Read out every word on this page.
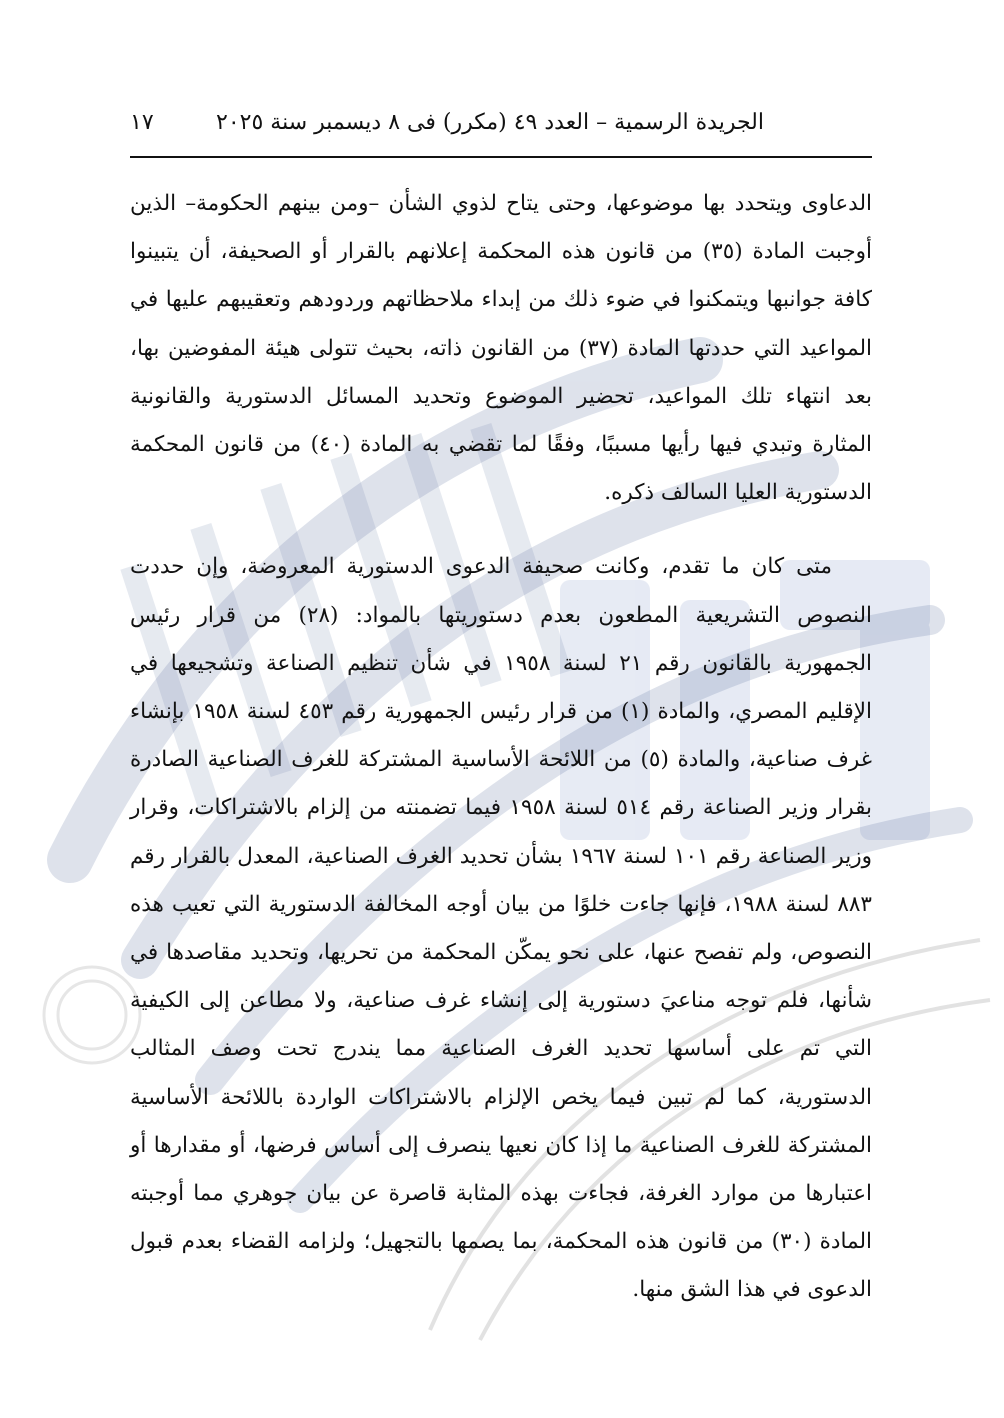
الجريدة الرسمية – العدد ٤٩ (مكرر) فى ٨ ديسمبر سنة ٢٠٢٥
١٧

الدعاوى ويتحدد بها موضوعها، وحتى يتاح لذوي الشأن –ومن بينهم الحكومة– الذين أوجبت المادة (٣٥) من قانون هذه المحكمة إعلانهم بالقرار أو الصحيفة، أن يتبينوا كافة جوانبها ويتمكنوا في ضوء ذلك من إبداء ملاحظاتهم وردودهم وتعقيبهم عليها في المواعيد التي حددتها المادة (٣٧) من القانون ذاته، بحيث تتولى هيئة المفوضين بها، بعد انتهاء تلك المواعيد، تحضير الموضوع وتحديد المسائل الدستورية والقانونية المثارة وتبدي فيها رأيها مسببًا، وفقًا لما تقضي به المادة (٤٠) من قانون المحكمة الدستورية العليا السالف ذكره.

متى كان ما تقدم، وكانت صحيفة الدعوى الدستورية المعروضة، وإن حددت النصوص التشريعية المطعون بعدم دستوريتها بالمواد: (٢٨) من قرار رئيس الجمهورية بالقانون رقم ٢١ لسنة ١٩٥٨ في شأن تنظيم الصناعة وتشجيعها في الإقليم المصري، والمادة (١) من قرار رئيس الجمهورية رقم ٤٥٣ لسنة ١٩٥٨ بإنشاء غرف صناعية، والمادة (٥) من اللائحة الأساسية المشتركة للغرف الصناعية الصادرة بقرار وزير الصناعة رقم ٥١٤ لسنة ١٩٥٨ فيما تضمنته من إلزام بالاشتراكات، وقرار وزير الصناعة رقم ١٠١ لسنة ١٩٦٧ بشأن تحديد الغرف الصناعية، المعدل بالقرار رقم ٨٨٣ لسنة ١٩٨٨، فإنها جاءت خلوًا من بيان أوجه المخالفة الدستورية التي تعيب هذه النصوص، ولم تفصح عنها، على نحو يمكّن المحكمة من تحريها، وتحديد مقاصدها في شأنها، فلم توجه مناعيَ دستورية إلى إنشاء غرف صناعية، ولا مطاعن إلى الكيفية التي تم على أساسها تحديد الغرف الصناعية مما يندرج تحت وصف المثالب الدستورية، كما لم تبين فيما يخص الإلزام بالاشتراكات الواردة باللائحة الأساسية المشتركة للغرف الصناعية ما إذا كان نعيها ينصرف إلى أساس فرضها، أو مقدارها أو اعتبارها من موارد الغرفة، فجاءت بهذه المثابة قاصرة عن بيان جوهري مما أوجبته المادة (٣٠) من قانون هذه المحكمة، بما يصمها بالتجهيل؛ ولزامه القضاء بعدم قبول الدعوى في هذا الشق منها.
